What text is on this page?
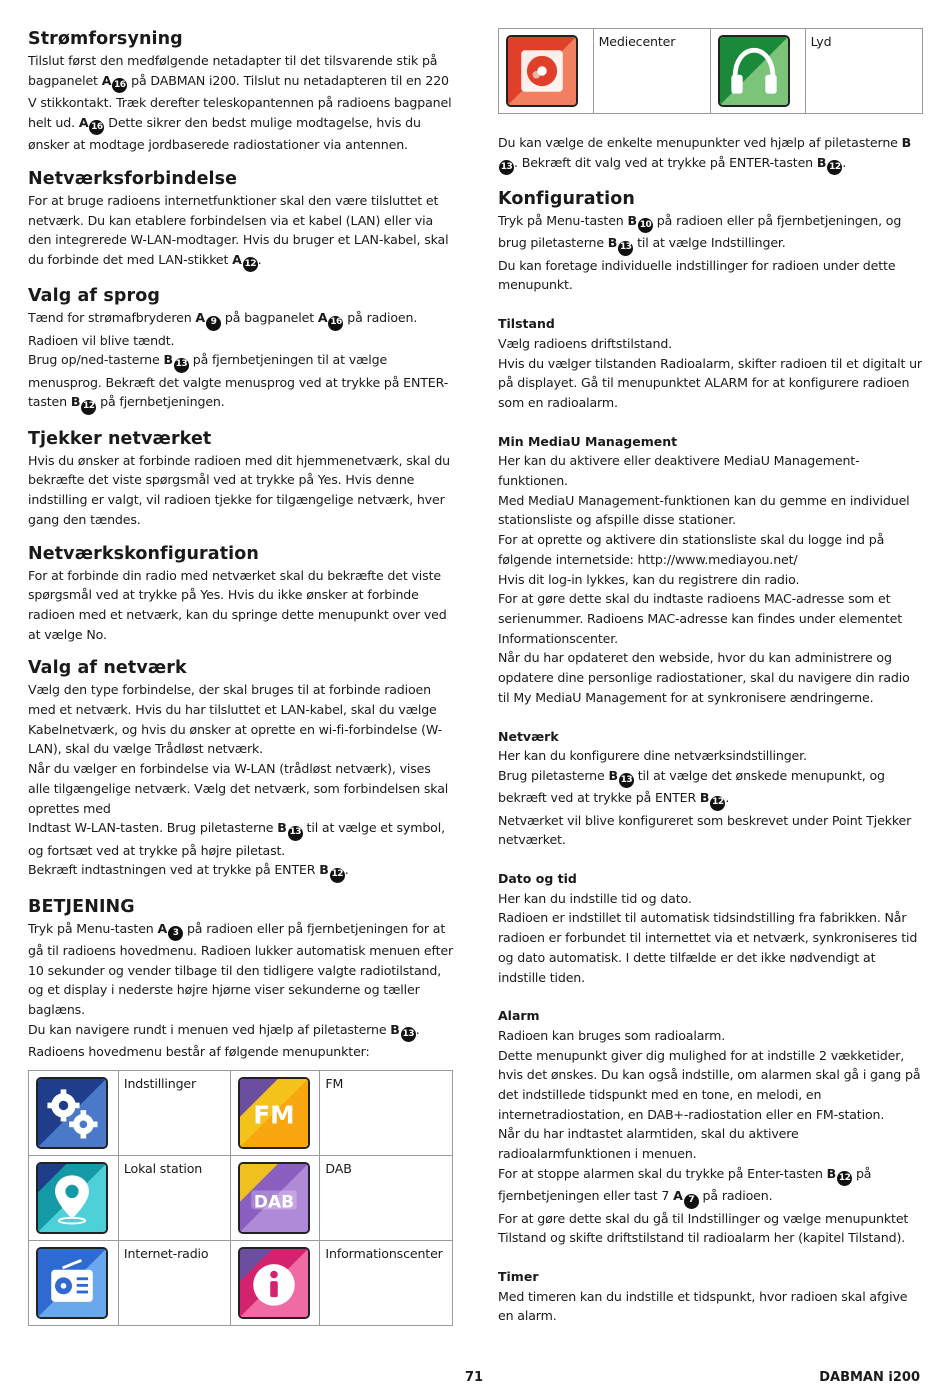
Strømforsyning

Tilslut først den medfølgende netadapter til det tilsvarende stik på bagpanelet A 16 på DABMAN i200. Tilslut nu netadapteren til en 220 V stikkontakt. Træk derefter teleskopantennen på radioens bagpanel helt ud. A 16 Dette sikrer den bedst mulige modtagelse, hvis du ønsker at modtage jordbaserede radiostationer via antennen.

Netværksforbindelse

For at bruge radioens internetfunktioner skal den være tilsluttet et netværk. Du kan etablere forbindelsen via et kabel (LAN) eller via den integrerede W-LAN-modtager. Hvis du bruger et LAN-kabel, skal du forbinde det med LAN-stikket A 12 .

Valg af sprog

Tænd for strømafbryderen A 9 på bagpanelet A 16 på radioen.

Radioen vil blive tændt.

Brug op/ned-tasterne B 13 på fjernbetjeningen til at vælge menusprog. Bekræft det valgte menusprog ved at trykke på ENTER-tasten B 12 på fjernbetjeningen.

Tjekker netværket

Hvis du ønsker at forbinde radioen med dit hjemmenetværk, skal du bekræfte det viste spørgsmål ved at trykke på Yes. Hvis denne indstilling er valgt, vil radioen tjekke for tilgængelige netværk, hver gang den tændes.

Netværkskonfiguration

For at forbinde din radio med netværket skal du bekræfte det viste spørgsmål ved at trykke på Yes. Hvis du ikke ønsker at forbinde radioen med et netværk, kan du springe dette menupunkt over ved at vælge No.

Valg af netværk

Vælg den type forbindelse, der skal bruges til at forbinde radioen med et netværk. Hvis du har tilsluttet et LAN-kabel, skal du vælge Kabelnetværk, og hvis du ønsker at oprette en wi-fi-forbindelse (W-LAN), skal du vælge Trådløst netværk.

Når du vælger en forbindelse via W-LAN (trådløst netværk), vises alle tilgængelige netværk. Vælg det netværk, som forbindelsen skal oprettes med

Indtast W-LAN-tasten. Brug piletasterne B 13 til at vælge et symbol, og fortsæt ved at trykke på højre piletast.

Bekræft indtastningen ved at trykke på ENTER B 12 .

BETJENING

Tryk på Menu-tasten A 3 på radioen eller på fjernbetjeningen for at gå til radioens hovedmenu. Radioen lukker automatisk menuen efter 10 sekunder og vender tilbage til den tidligere valgte radiotilstand, og et display i nederste højre hjørne viser sekunderne og tæller baglæns.

Du kan navigere rundt i menuen ved hjælp af piletasterne B 13 .

Radioens hovedmenu består af følgende menupunkter:

	Indstillinger	FM	FM

	Lokal station	DAB	DAB

	Internet-radio		Informationscenter
	Mediecenter		Lyd

Du kan vælge de enkelte menupunkter ved hjælp af piletasterne B13 . Bekræft dit valg ved at trykke på ENTER-tasten B 12 .

Konfiguration

Tryk på Menu-tasten B 10 på radioen eller på fjernbetjeningen, og brug piletasterne B 13 til at vælge Indstillinger.

Du kan foretage individuelle indstillinger for radioen under dette menupunkt.

Tilstand

Vælg radioens driftstilstand.

Hvis du vælger tilstanden Radioalarm, skifter radioen til et digitalt ur på displayet. Gå til menupunktet ALARM for at konfigurere radioen som en radioalarm.

Min MediaU Management

Her kan du aktivere eller deaktivere MediaU Management-funktionen.

Med MediaU Management-funktionen kan du gemme en individuel stationsliste og afspille disse stationer.

For at oprette og aktivere din stationsliste skal du logge ind på følgende internetside: http://www.mediayou.net/

Hvis dit log-in lykkes, kan du registrere din radio.

For at gøre dette skal du indtaste radioens MAC-adresse som et serienummer. Radioens MAC-adresse kan findes under elementet Informationscenter.

Når du har opdateret den webside, hvor du kan administrere og opdatere dine personlige radiostationer, skal du navigere din radio til My MediaU Management for at synkronisere ændringerne.

Netværk

Her kan du konfigurere dine netværksindstillinger.

Brug piletasterne B 13 til at vælge det ønskede menupunkt, og bekræft ved at trykke på ENTER B 12 .

Netværket vil blive konfigureret som beskrevet under Point Tjekker netværket.

Dato og tid

Her kan du indstille tid og dato.

Radioen er indstillet til automatisk tidsindstilling fra fabrikken. Når radioen er forbundet til internettet via et netværk, synkroniseres tid og dato automatisk. I dette tilfælde er det ikke nødvendigt at indstille tiden.

Alarm

Radioen kan bruges som radioalarm.

Dette menupunkt giver dig mulighed for at indstille 2 vækketider, hvis det ønskes. Du kan også indstille, om alarmen skal gå i gang på det indstillede tidspunkt med en tone, en melodi, en internetradiostation, en DAB+-radiostation eller en FM-station.

Når du har indtastet alarmtiden, skal du aktivere radioalarmfunktionen i menuen.

For at stoppe alarmen skal du trykke på Enter-tasten B 12 på fjernbetjeningen eller tast 7 A 7 på radioen.

For at gøre dette skal du gå til Indstillinger og vælge menupunktet Tilstand og skifte driftstilstand til radioalarm her (kapitel Tilstand).

Timer

Med timeren kan du indstille et tidspunkt, hvor radioen skal afgive en alarm.

71	DABMAN i200
